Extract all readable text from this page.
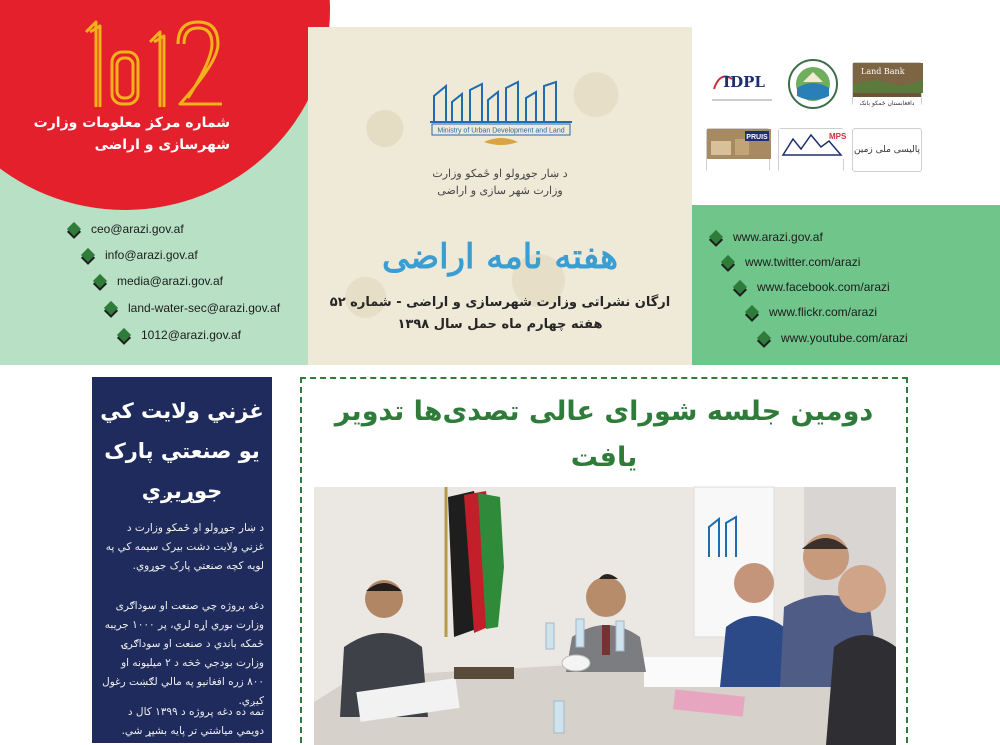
شماره مرکز معلومات وزارت
شهرسازی و اراضی
ceo@arazi.gov.af
info@arazi.gov.af
media@arazi.gov.af
land-water-sec@arazi.gov.af
1012@arazi.gov.af
Ministry of Urban Development and Land
د ښار جوړولو او ځمکو وزارت
وزارت شهر سازی و اراضی
هفته نامه اراضی
ارگان نشراتی وزارت شهرسازی و اراضی - شماره ۵۲
هفته چهارم ماه حمل سال ۱۳۹۸
IDPL
Land Bank
دافغانستان ځمکو بانک
PRUIS	MPS
پالیسی ملی زمین
www.arazi.gov.af
www.twitter.com/arazi
www.facebook.com/arazi
www.flickr.com/arazi
www.youtube.com/arazi
غزني ولايت کي
يو صنعتي پارک
جوړيږي
د ښار جوړولو او ځمکو وزارت د غزني ولايت دشت بيرک سيمه کي په لويه کچه صنعتي پارک جوړوي.
دغه پروژه چي صنعت او سوداګری وزارت بوري اړه لري، پر ۱۰۰۰ جريبه ځمکه باندي د صنعت او سوداګرۍ وزارت بودجي څخه د ۲ ميليونه او ۸۰۰ زره افغانيو په مالي لګښت رغول کيږي.
تمه ده دغه پروژه د ۱۳۹۹ کال د دويمي مياشتي تر پايه بشپړ شي.
دومین جلسه شورای عالی تصدی‌ها تدویر
یافت
